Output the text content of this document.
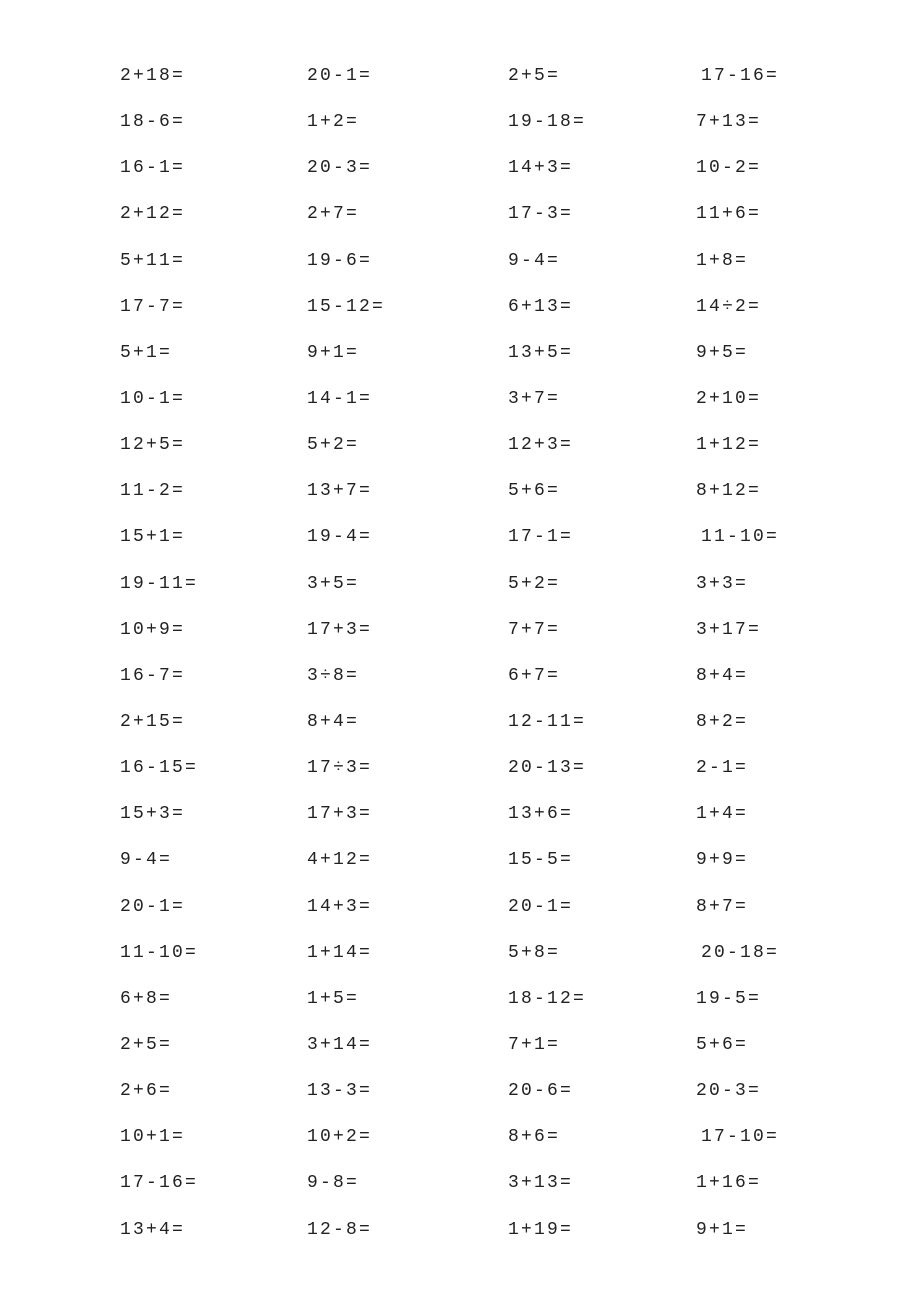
2+18=	20-1=	2+5=	17-16=
18-6=	1+2=	19-18=	7+13=
16-1=	20-3=	14+3=	10-2=
2+12=	2+7=	17-3=	11+6=
5+11=	19-6=	9-4=	1+8=
17-7=	15-12=	6+13=	14÷2=
5+1=	9+1=	13+5=	9+5=
10-1=	14-1=	3+7=	2+10=
12+5=	5+2=	12+3=	1+12=
11-2=	13+7=	5+6=	8+12=
15+1=	19-4=	17-1=	11-10=
19-11=	3+5=	5+2=	3+3=
10+9=	17+3=	7+7=	3+17=
16-7=	3÷8=	6+7=	8+4=
2+15=	8+4=	12-11=	8+2=
16-15=	17÷3=	20-13=	2-1=
15+3=	17+3=	13+6=	1+4=
9-4=	4+12=	15-5=	9+9=
20-1=	14+3=	20-1=	8+7=
11-10=	1+14=	5+8=	20-18=
6+8=	1+5=	18-12=	19-5=
2+5=	3+14=	7+1=	5+6=
2+6=	13-3=	20-6=	20-3=
10+1=	10+2=	8+6=	17-10=
17-16=	9-8=	3+13=	1+16=
13+4=	12-8=	1+19=	9+1=
